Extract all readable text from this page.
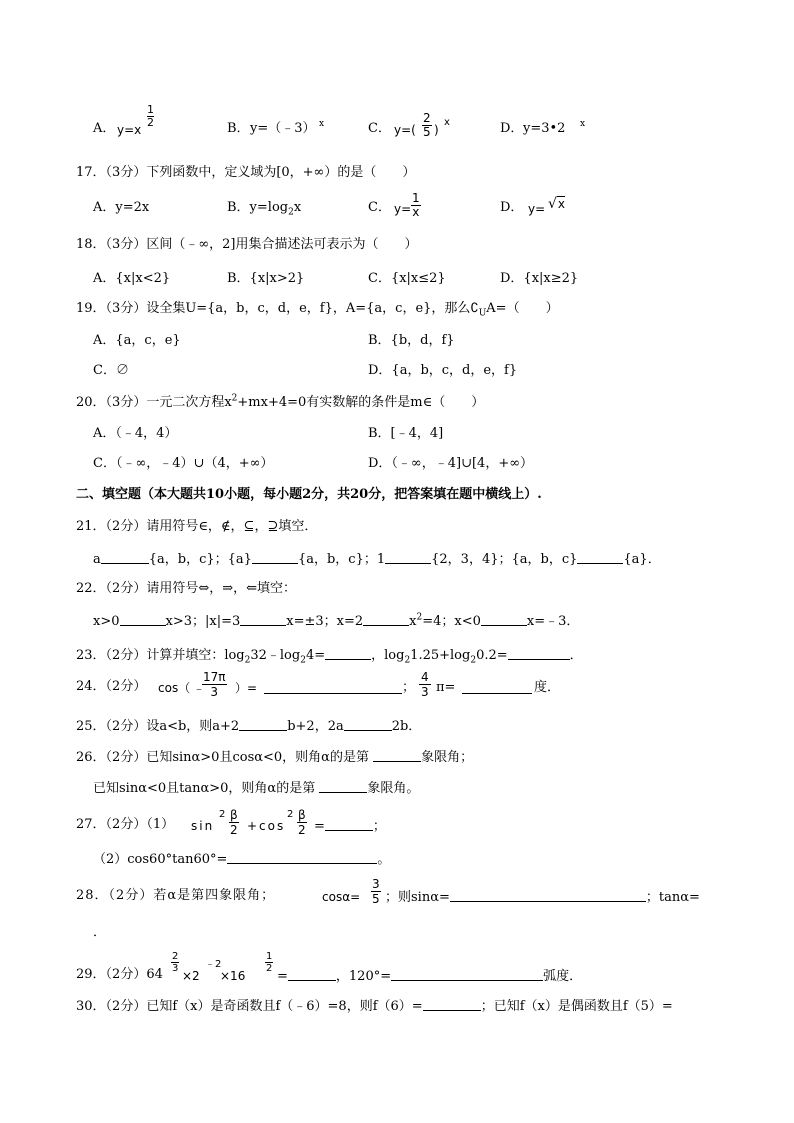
A． y=x
$\frac{1}{2}$	B． y=（﹣3） x	C． $y=( \frac{2}{5}$ )
x	D． y=3•2 x
17．（3分）下列函数中，定义域为[0，+∞）的是（　　）
A．y=2x	B．$y=\log_2x$	C． $y= \frac{1}{x}$	D． y= √x
18．（3分）区间（﹣∞，2]用集合描述法可表示为（　　）
A．{x|x<2}	B．{x|x>2}	C．{x|x≤2}	D．{x|x≥2}
19．（3分）设全集U={a，b，c，d，e，f}，A={a，c，e}，那么$∁_UA=$（　　）
A．{a，c，e}	B．{b，d，f}
C．∅	D．{a，b，c，d，e，f}
20．（3分）一元二次方程$x^2+mx+4=0$有实数解的条件是m∈（　　）
A．（﹣4，4）	B．[﹣4，4]
C．（﹣∞，﹣4）∪（4，+∞）	D．（﹣∞，﹣4]∪[4，+∞）
二、填空题（本大题共10小题，每小题2分，共20分，把答案填在题中横线上）.
21．（2分）请用符号∈，∉，⊆，⊇填空．
a	{a，b，c}；{a}	{a，b，c}；1	{2，3，4}；{a，b，c}	{a}．
22．（2分）请用符号⇔，⇒，⇐填空：
x>0	x>3；|x|=3	x=±3；x=2	$x^2=4$；x<0	x=﹣3．
23．（2分）计算并填空：$\log_232﹣\log_24=$	，$\log_21.25+\log_20.2=$	．
24．（2分） cos（ ﹣
$\frac{17\pi}{3}$ ）=	；
4
3 π=	度．
25．（2分）设a<b，则a+2	b+2，2a	2b．
26．（2分）已知sinα>0且cosα<0，则角α的是第	象限角；
已知sinα<0且tanα>0，则角α的是第	象限角。
27．（2分）（1） sin
2 β
2 +cos
2 β
2 =	；
（2）cos60°tan60°=	。
28．（2分）若α是第四象限角；	$\cos\alpha= \frac{3}{5}$ ；则sinα=	；tanα=
．
29．（2分）64
2
3
×2
﹣2
×16
1
2
=	，120°=	弧度．
30．（2分）已知f（x）是奇函数且f（﹣6）=8，则f（6）=	；已知f（x）是偶函数且f（5）=
